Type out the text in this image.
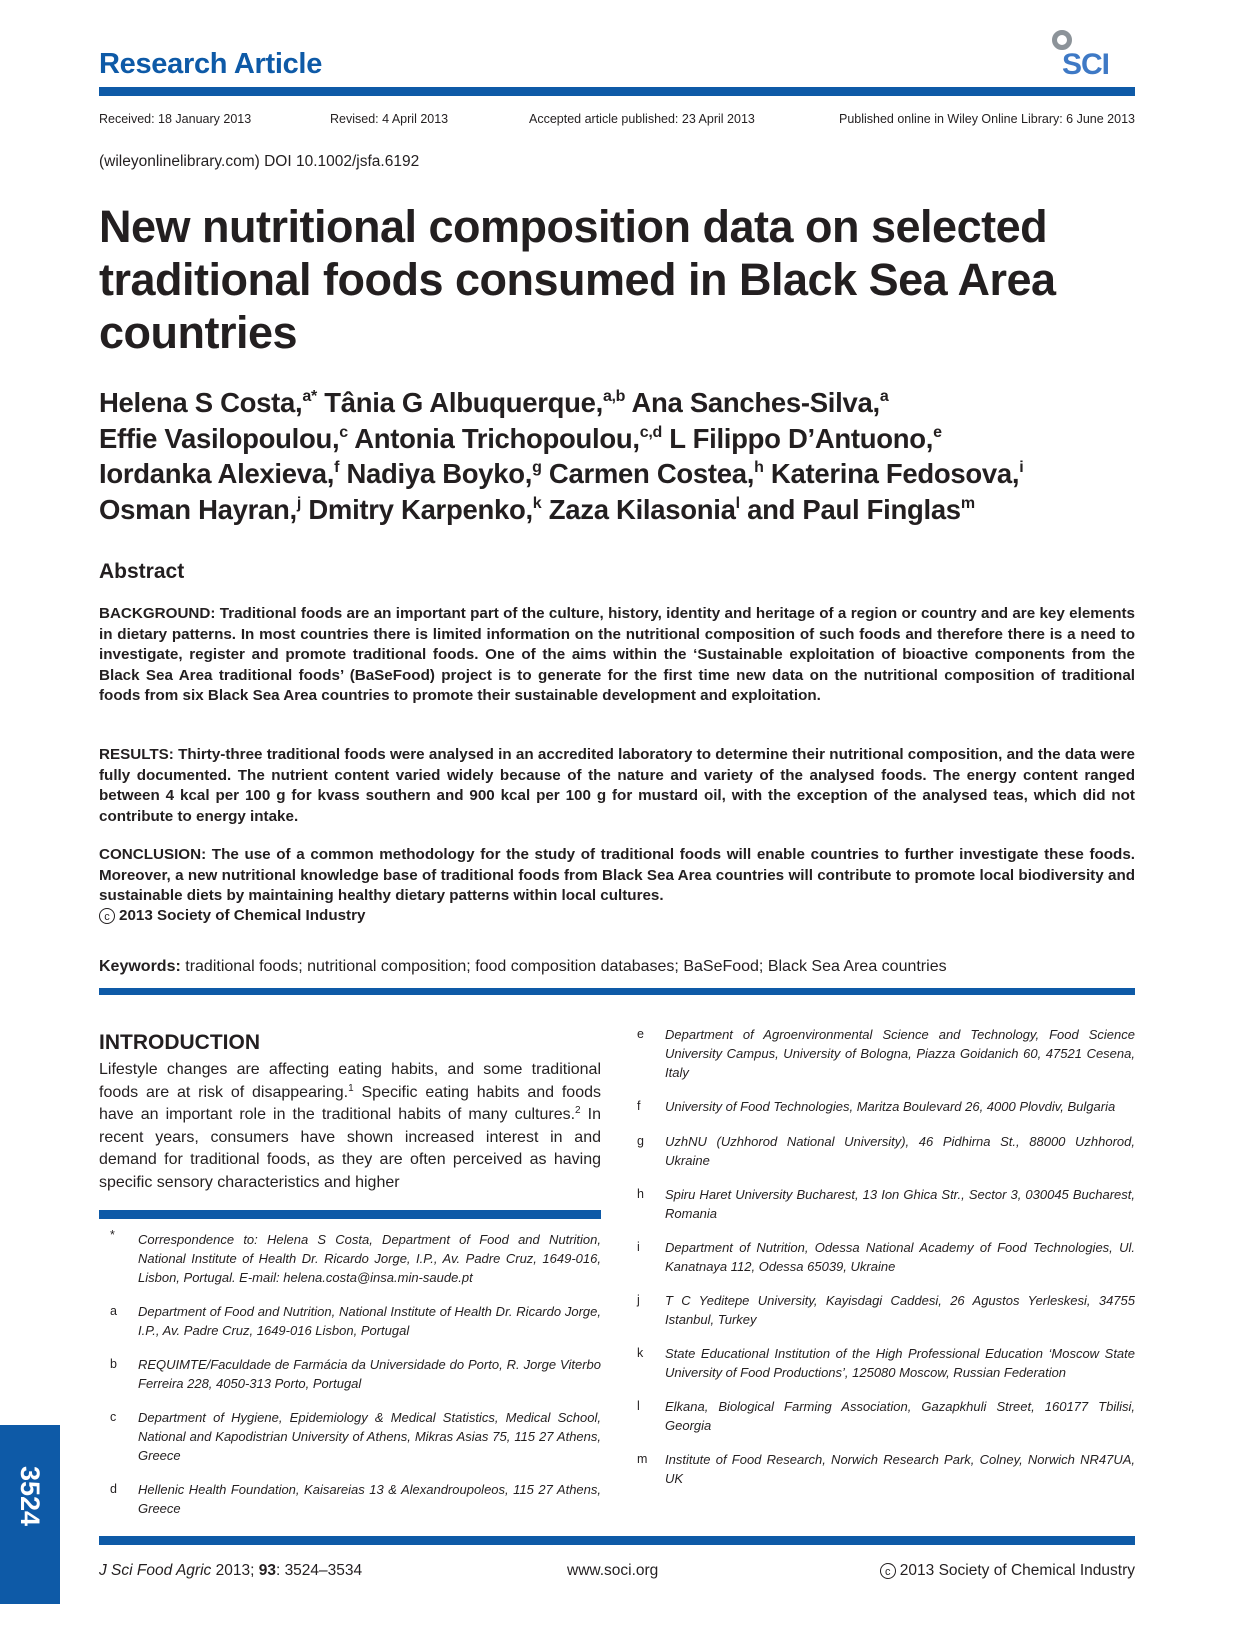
Research Article	SCI
Received: 18 January 2013	Revised: 4 April 2013	Accepted article published: 23 April 2013	Published online in Wiley Online Library: 6 June 2013
(wileyonlinelibrary.com) DOI 10.1002/jsfa.6192
New nutritional composition data on selected
traditional foods consumed in Black Sea Area
countries
Helena S Costa,$^{a*}$ Tânia G Albuquerque,$^{a,b}$ Ana Sanches-Silva,$^a$
Effie Vasilopoulou,$^c$ Antonia Trichopoulou,$^{c,d}$ L Filippo D’Antuono,$^e$
Iordanka Alexieva,$^f$ Nadiya Boyko,$^g$ Carmen Costea,$^h$ Katerina Fedosova,$^i$
Osman Hayran,$^j$ Dmitry Karpenko,$^k$ Zaza Kilasonia$^l$ and Paul Finglas$^m$
Abstract
BACKGROUND: Traditional foods are an important part of the culture, history, identity and heritage of a region or country and are key elements in dietary patterns. In most countries there is limited information on the nutritional composition of such foods and therefore there is a need to investigate, register and promote traditional foods. One of the aims within the ‘Sustainable exploitation of bioactive components from the Black Sea Area traditional foods’ (BaSeFood) project is to generate for the first time new data on the nutritional composition of traditional foods from six Black Sea Area countries to promote their sustainable development and exploitation.
RESULTS: Thirty-three traditional foods were analysed in an accredited laboratory to determine their nutritional composition, and the data were fully documented. The nutrient content varied widely because of the nature and variety of the analysed foods. The energy content ranged between 4 kcal per 100 g for kvass southern and 900 kcal per 100 g for mustard oil, with the exception of the analysed teas, which did not contribute to energy intake.
CONCLUSION: The use of a common methodology for the study of traditional foods will enable countries to further investigate these foods. Moreover, a new nutritional knowledge base of traditional foods from Black Sea Area countries will contribute to promote local biodiversity and sustainable diets by maintaining healthy dietary patterns within local cultures.
c 2013 Society of Chemical Industry
Keywords: traditional foods; nutritional composition; food composition databases; BaSeFood; Black Sea Area countries
INTRODUCTION
Lifestyle changes are affecting eating habits, and some traditional foods are at risk of disappearing.$^1$ Specific eating habits and foods have an important role in the traditional habits of many cultures.$^2$ In recent years, consumers have shown increased interest in and demand for traditional foods, as they are often perceived as having specific sensory characteristics and higher
* Correspondence to: Helena S Costa, Department of Food and Nutrition, National Institute of Health Dr. Ricardo Jorge, I.P., Av. Padre Cruz, 1649-016, Lisbon, Portugal. E-mail: helena.costa@insa.min-saude.pt
a Department of Food and Nutrition, National Institute of Health Dr. Ricardo Jorge, I.P., Av. Padre Cruz, 1649-016 Lisbon, Portugal
b REQUIMTE/Faculdade de Farmácia da Universidade do Porto, R. Jorge Viterbo Ferreira 228, 4050-313 Porto, Portugal
c Department of Hygiene, Epidemiology & Medical Statistics, Medical School, National and Kapodistrian University of Athens, Mikras Asias 75, 115 27 Athens, Greece
d Hellenic Health Foundation, Kaisareias 13 & Alexandroupoleos, 115 27 Athens, Greece
e Department of Agroenvironmental Science and Technology, Food Science University Campus, University of Bologna, Piazza Goidanich 60, 47521 Cesena, Italy
f University of Food Technologies, Maritza Boulevard 26, 4000 Plovdiv, Bulgaria
g UzhNU (Uzhhorod National University), 46 Pidhirna St., 88000 Uzhhorod, Ukraine
h Spiru Haret University Bucharest, 13 Ion Ghica Str., Sector 3, 030045 Bucharest, Romania
i Department of Nutrition, Odessa National Academy of Food Technologies, Ul. Kanatnaya 112, Odessa 65039, Ukraine
j T C Yeditepe University, Kayisdagi Caddesi, 26 Agustos Yerleskesi, 34755 Istanbul, Turkey
k State Educational Institution of the High Professional Education ‘Moscow State University of Food Productions’, 125080 Moscow, Russian Federation
l Elkana, Biological Farming Association, Gazapkhuli Street, 160177 Tbilisi, Georgia
m Institute of Food Research, Norwich Research Park, Colney, Norwich NR47UA, UK
3524
J Sci Food Agric 2013; 93: 3524–3534	www.soci.org	c 2013 Society of Chemical Industry
